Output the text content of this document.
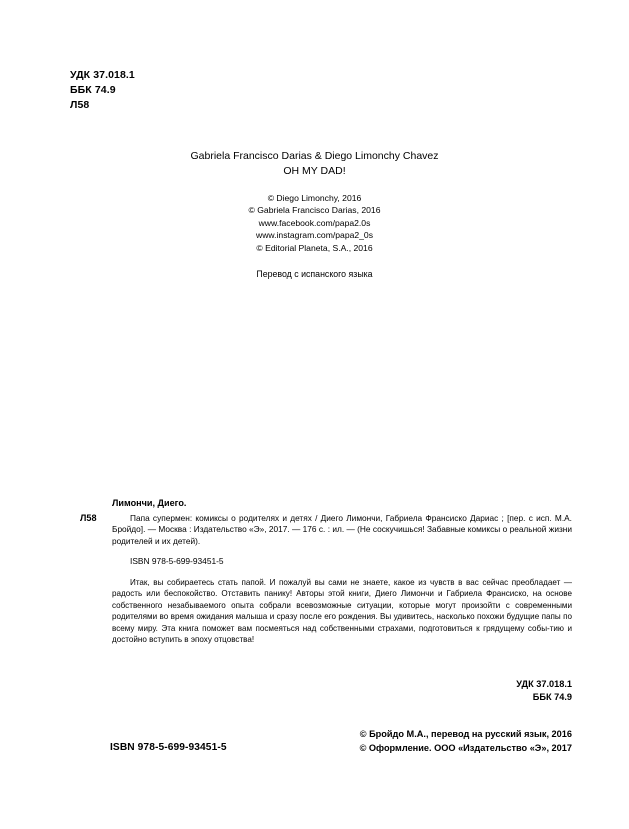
УДК 37.018.1
ББК 74.9
Л58
Gabriela Francisco Darias & Diego Limonchy Chavez
OH MY DAD!
© Diego Limonchy, 2016
© Gabriela Francisco Darias, 2016
www.facebook.com/papa2.0s
www.instagram.com/papa2_0s
© Editorial Planeta, S.A., 2016
Перевод с испанского языка
Лимончи, Диего.
Л58	Папа супермен: комиксы о родителях и детях / Диего Лимончи, Габриела Франсиско Дариас ; [пер. с исп. М.А. Бройдо]. — Москва : Издательство «Э», 2017. — 176 с. : ил. — (Не соскучишься! Забавные комиксы о реальной жизни родителей и их детей).
ISBN 978-5-699-93451-5
Итак, вы собираетесь стать папой. И пожалуй вы сами не знаете, какое из чувств в вас сейчас преобладает — радость или беспокойство. Отставить панику! Авторы этой книги, Диего Лимончи и Габриела Франсиско, на основе собственного незабываемого опыта собрали всевозможные ситуации, которые могут произойти с современными родителями во время ожидания малыша и сразу после его рождения. Вы удивитесь, насколько похожи будущие папы по всему миру. Эта книга поможет вам посмеяться над собственными страхами, подготовиться к грядущему собы-тию и достойно вступить в эпоху отцовства!
УДК 37.018.1
ББК 74.9
© Бройдо М.А., перевод на русский язык, 2016
© Оформление. ООО «Издательство «Э», 2017
ISBN 978-5-699-93451-5
